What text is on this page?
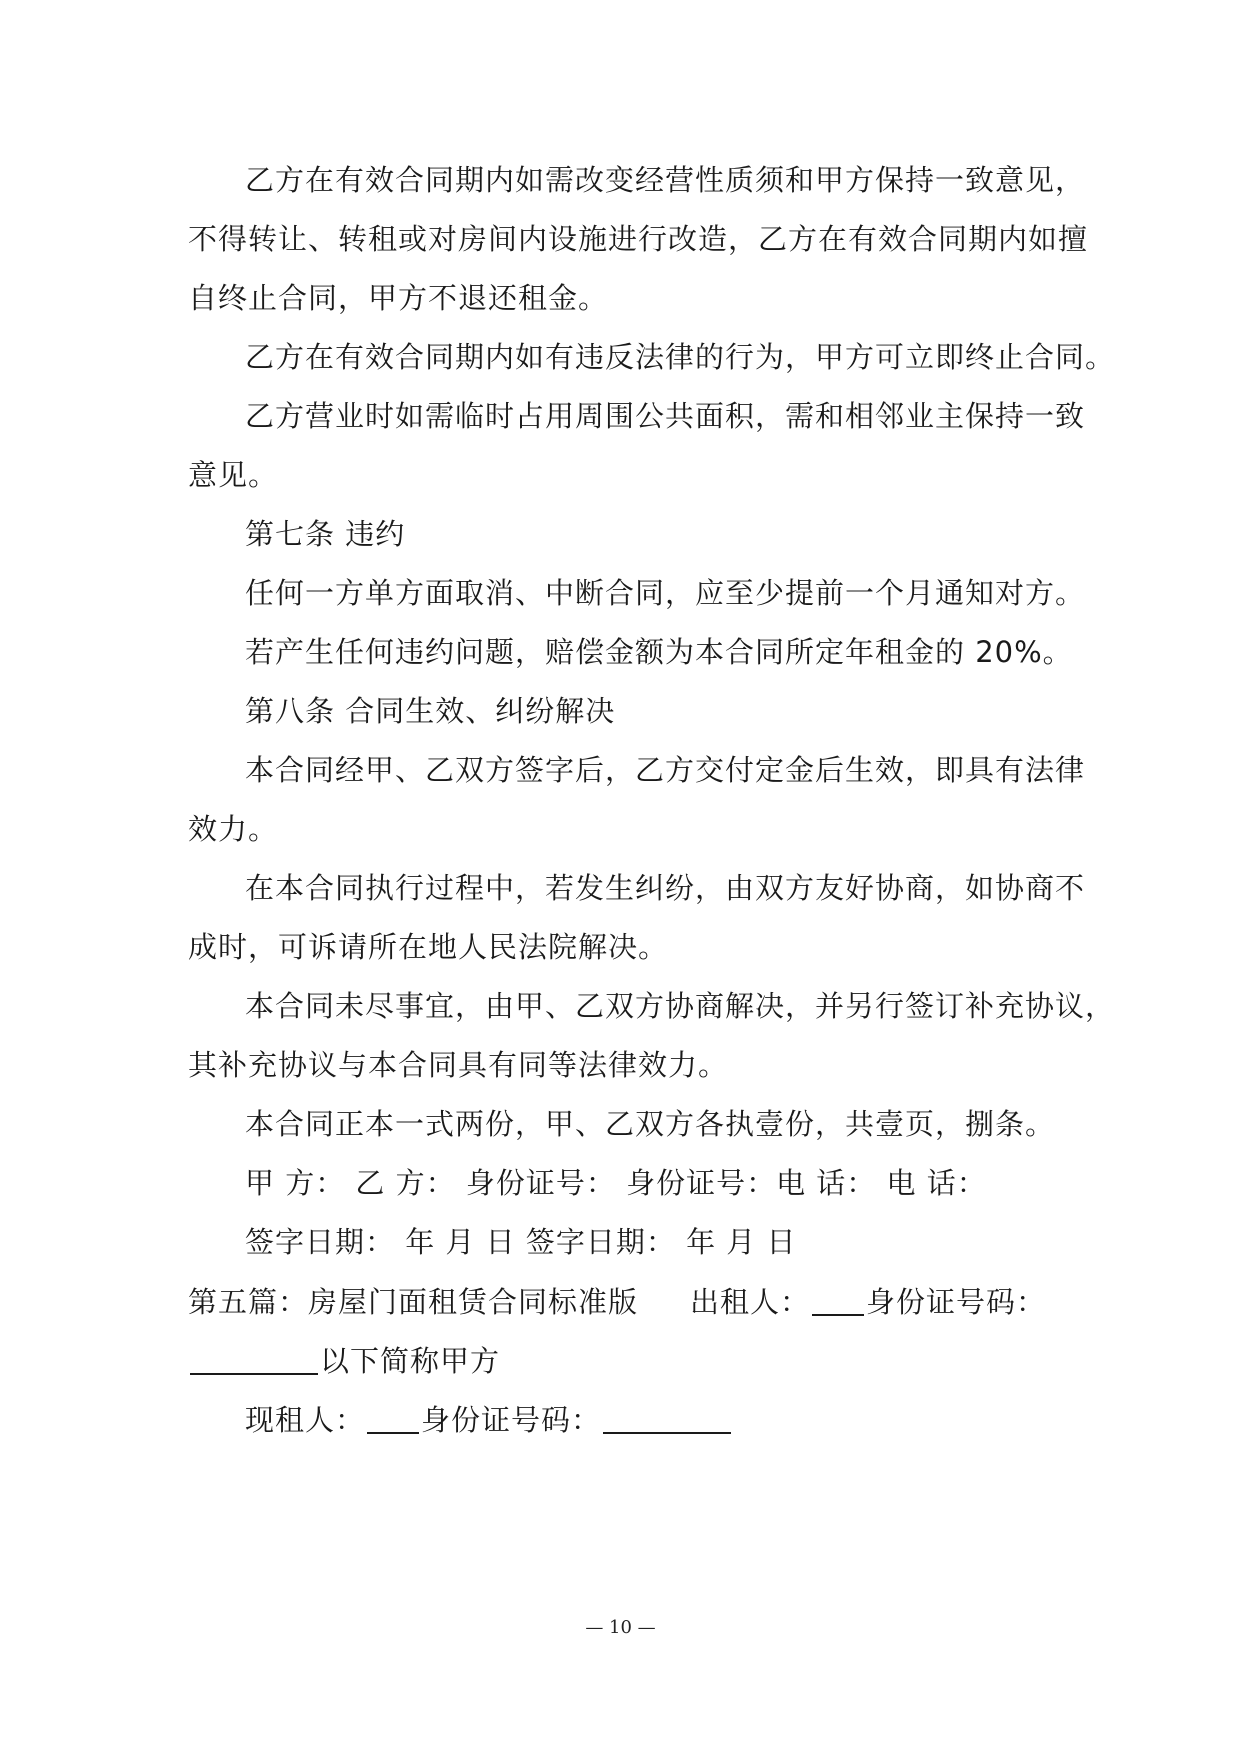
乙方在有效合同期内如需改变经营性质须和甲方保持一致意见，
不得转让、转租或对房间内设施进行改造，乙方在有效合同期内如擅
自终止合同，甲方不退还租金。
乙方在有效合同期内如有违反法律的行为，甲方可立即终止合同。
乙方营业时如需临时占用周围公共面积，需和相邻业主保持一致
意见。
第七条 违约
任何一方单方面取消、中断合同，应至少提前一个月通知对方。
若产生任何违约问题，赔偿金额为本合同所定年租金的 20%。
第八条 合同生效、纠纷解决
本合同经甲、乙双方签字后，乙方交付定金后生效，即具有法律
效力。
在本合同执行过程中，若发生纠纷，由双方友好协商，如协商不
成时，可诉请所在地人民法院解决。
本合同未尽事宜，由甲、乙双方协商解决，并另行签订补充协议，
其补充协议与本合同具有同等法律效力。
本合同正本一式两份，甲、乙双方各执壹份，共壹页，捌条。
甲 方： 乙 方： 身份证号： 身份证号：电 话： 电 话：
签字日期： 年 月 日 签字日期： 年 月 日
第五篇：房屋门面租赁合同标准版 出租人： 身份证号码：
以下简称甲方
现租人： 身份证号码：
— 10 —
